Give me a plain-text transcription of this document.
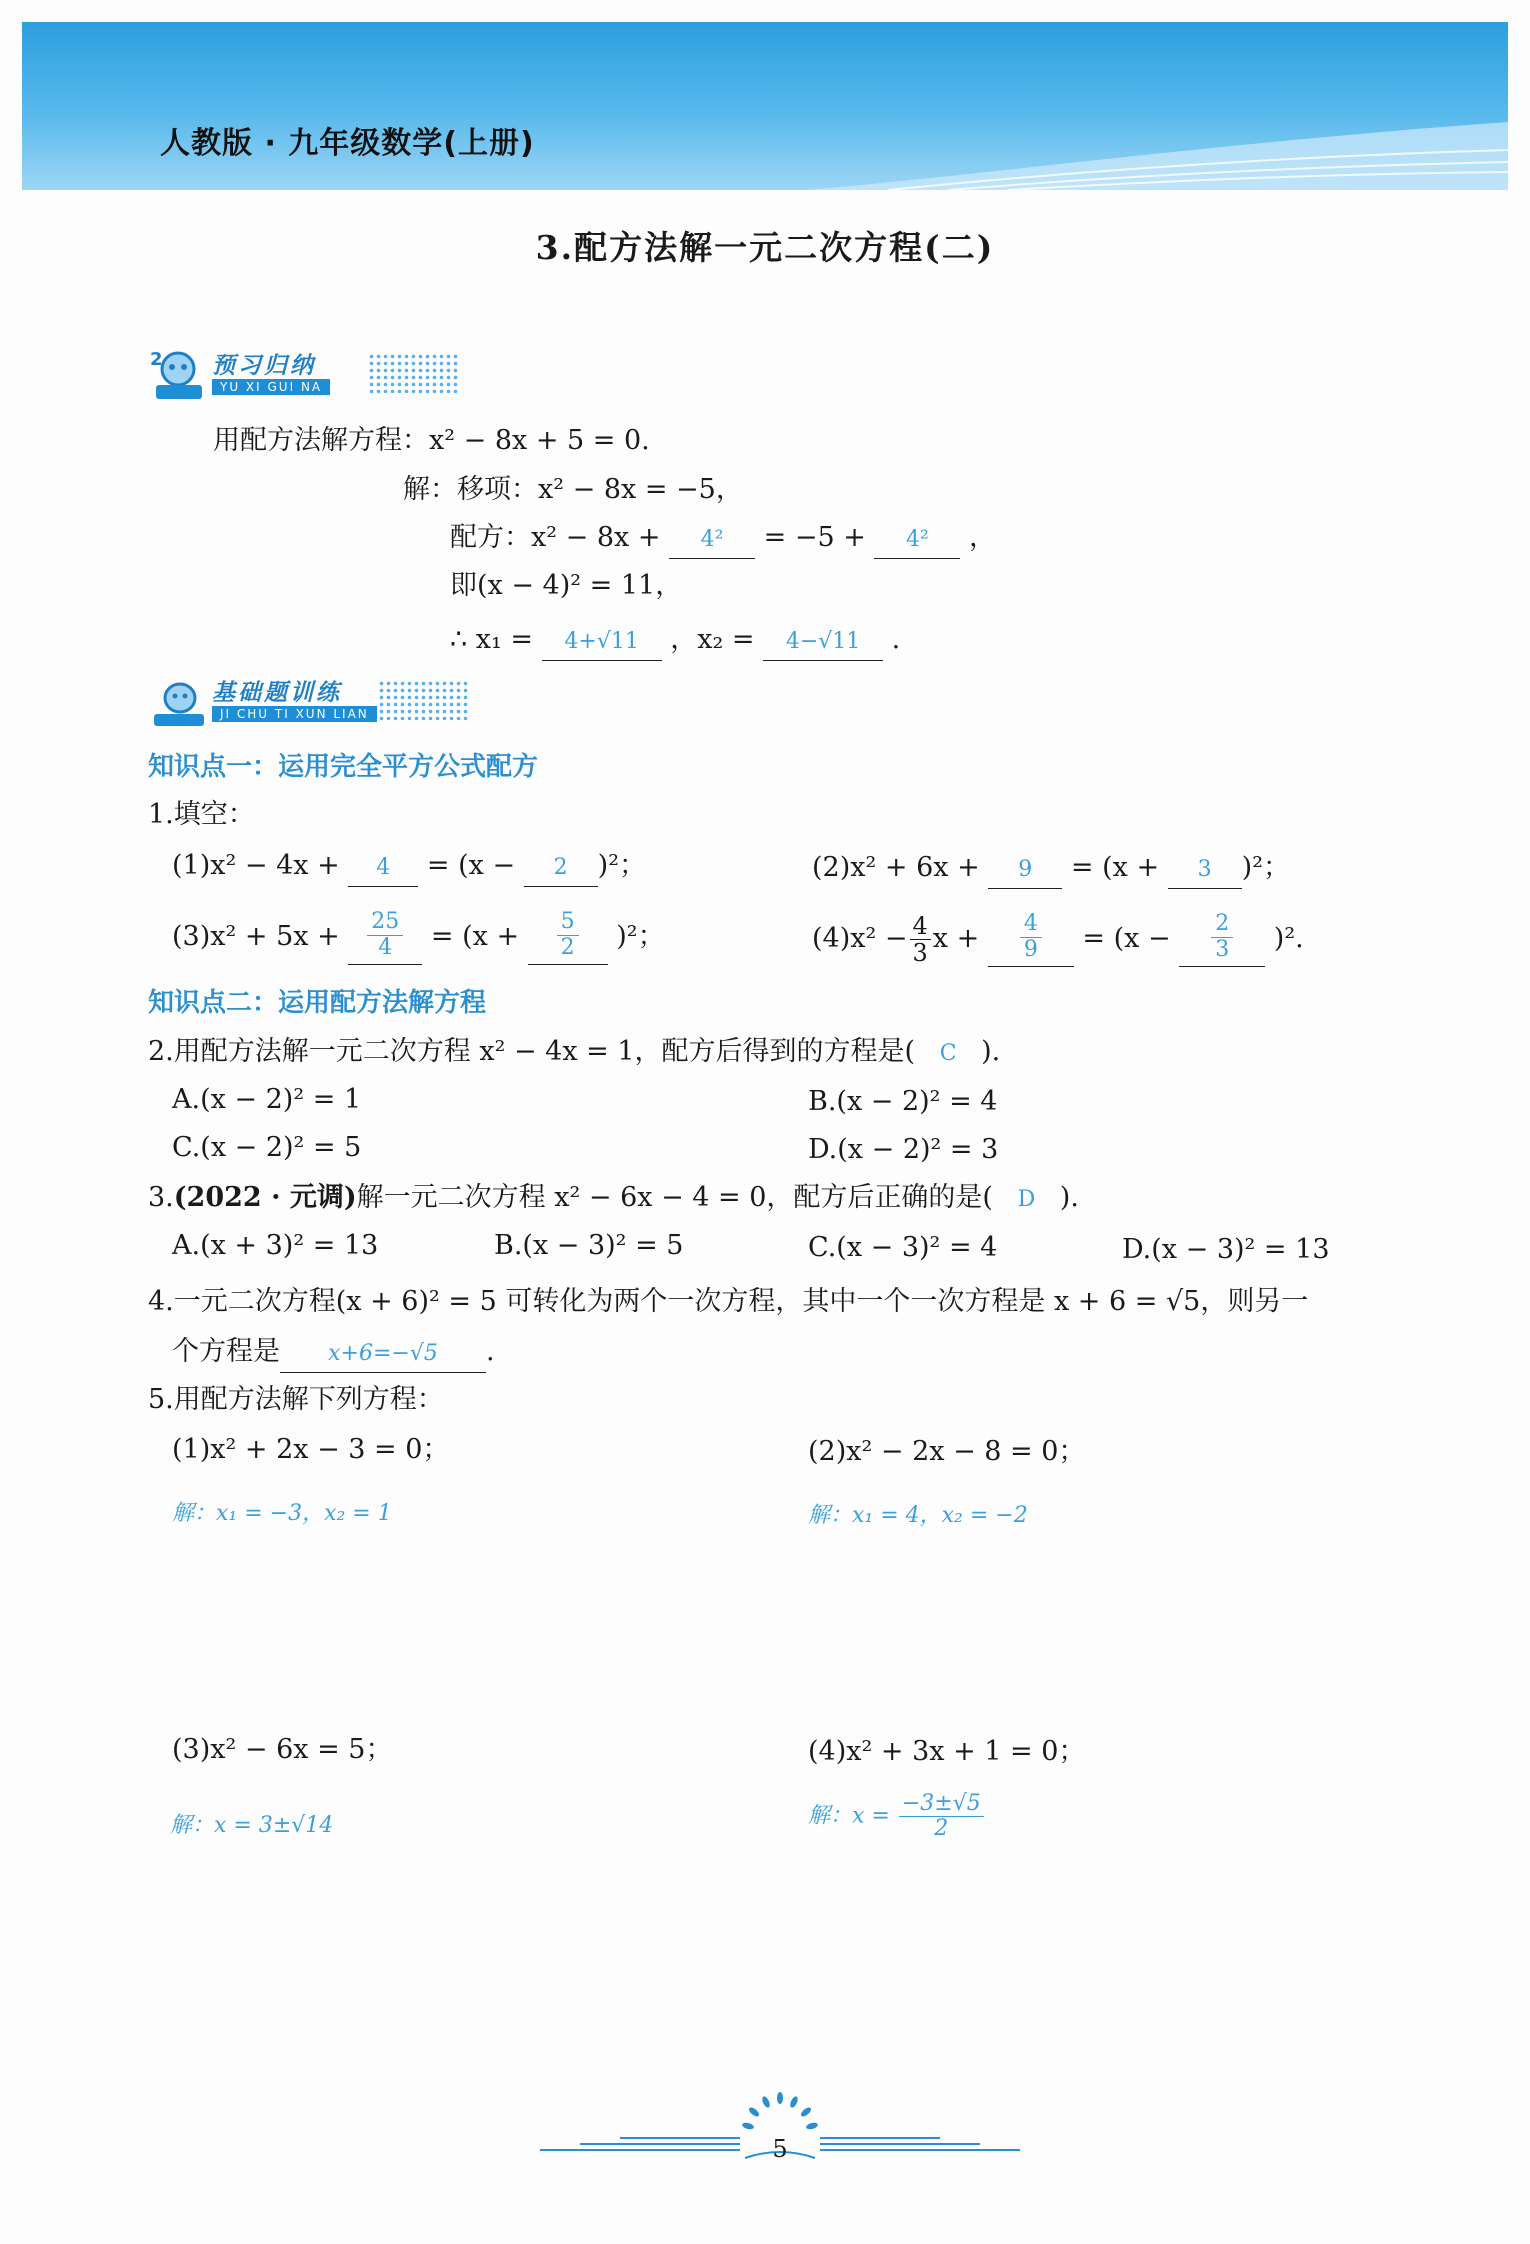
人教版 · 九年级数学(上册)
3.配方法解一元二次方程(二)
2 预习归纳
YU XI GUI NA
用配方法解方程：x² − 8x + 5 = 0.
解：移项：x² − 8x = −5，
配方：x² − 8x + 4² = −5 + 4² ，
即(x − 4)² = 11，
∴ x₁ = 4+√11 ，x₂ = 4−√11 .
基础题训练
JI CHU TI XUN LIAN
知识点一：运用完全平方公式配方
1.填空：
(1)x² − 4x + 4 = (x − 2 )²；	(2)x² + 6x + 9 = (x + 3 )²；
$(3)x^2 + 5x + \frac{25}{4} = (x + \frac{5}{2} )^2$；	$(4)x^2 - \frac{4}{3}$ $x + \frac{4}{9} = (x - \frac{2}{3} )^2$.
知识点二：运用配方法解方程
2.用配方法解一元二次方程 x² − 4x = 1，配方后得到的方程是( C ).
A.(x − 2)² = 1	B.(x − 2)² = 4
C.(x − 2)² = 5	D.(x − 2)² = 3
3.(2022 · 元调)解一元二次方程 x² − 6x − 4 = 0，配方后正确的是( D ).
A.(x + 3)² = 13	B.(x − 3)² = 5	C.(x − 3)² = 4	D.(x − 3)² = 13
4.一元二次方程(x + 6)² = 5 可转化为两个一次方程，其中一个一次方程是 x + 6 = √5，则另一
个方程是 x+6=−√5 .
5.用配方法解下列方程：
(1)x² + 2x − 3 = 0；	(2)x² − 2x − 8 = 0；
解：x₁ = −3，x₂ = 1	解：x₁ = 4，x₂ = −2
(3)x² − 6x = 5；	(4)x² + 3x + 1 = 0；
解：x = 3±√14	解：$x = \frac{-3\pm√5}{2}$
5
